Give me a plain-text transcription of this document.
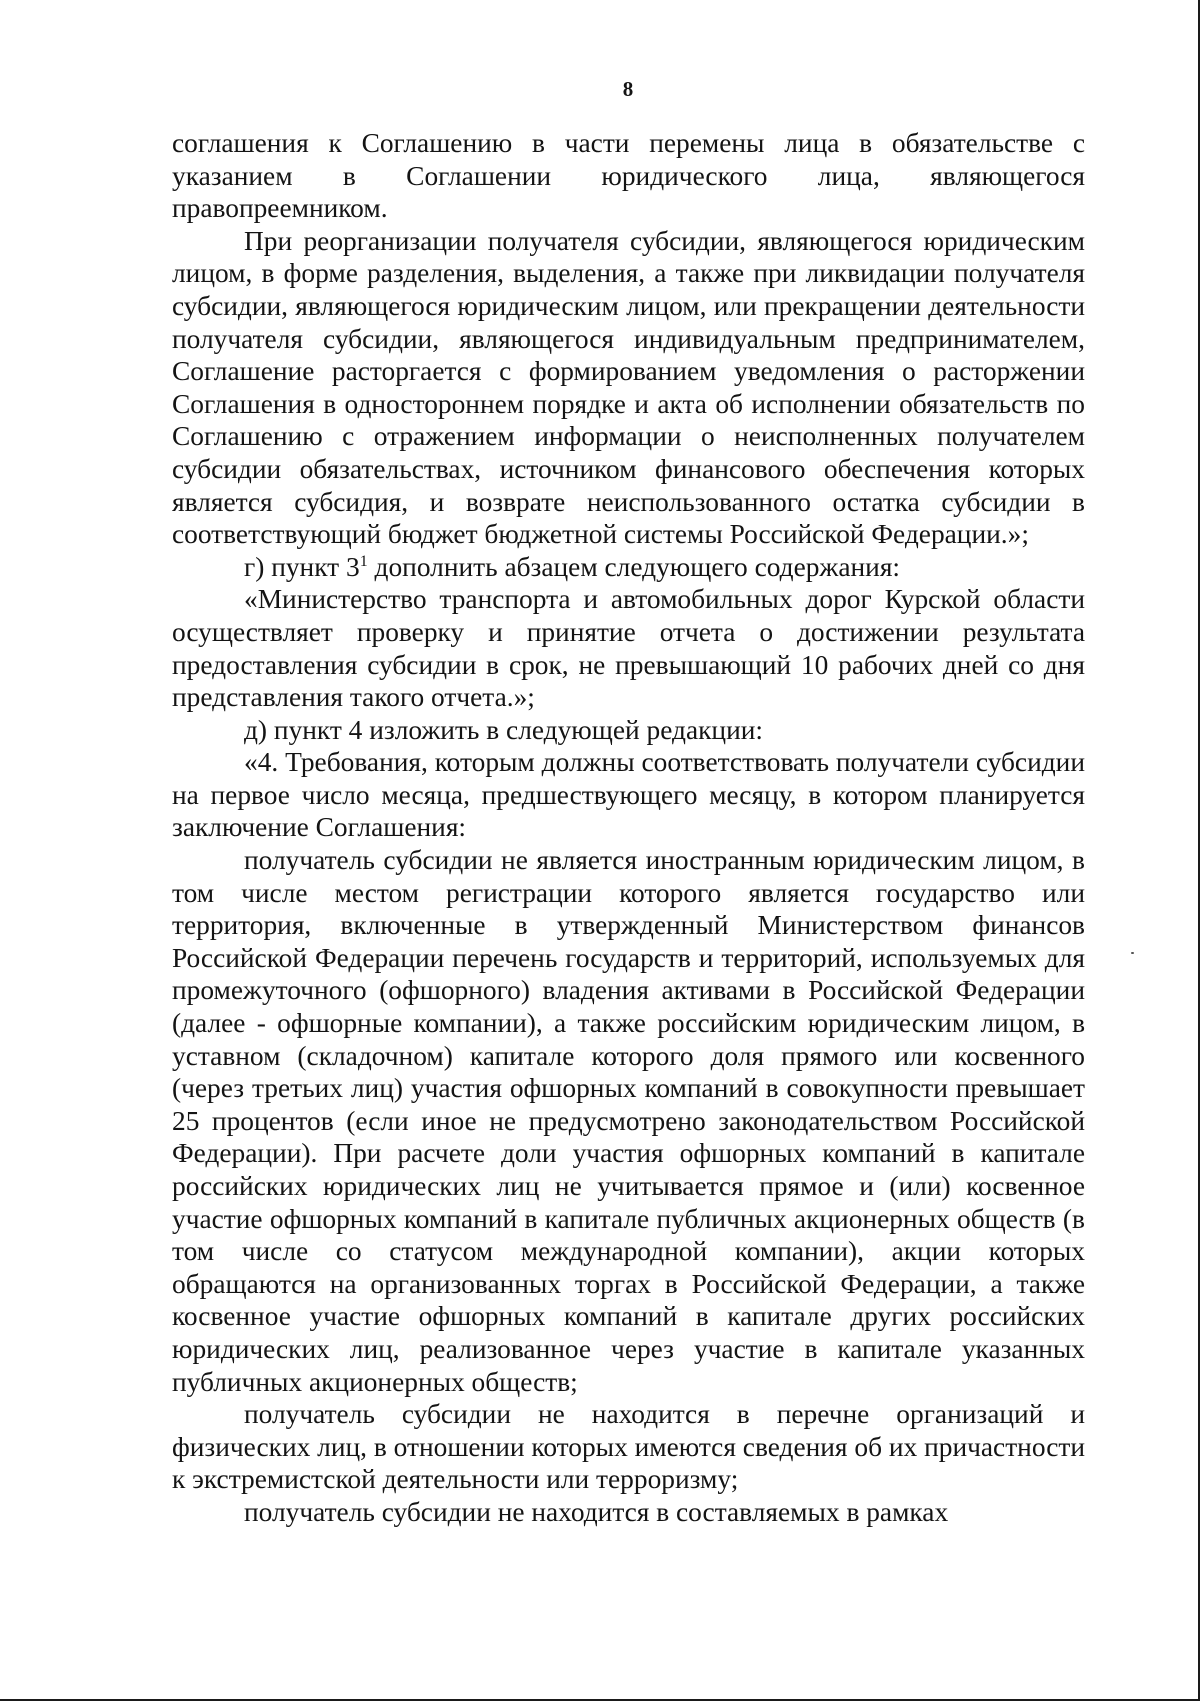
8

соглашения к Соглашению в части перемены лица в обязательстве с указанием в Соглашении юридического лица, являющегося правопреемником.

При реорганизации получателя субсидии, являющегося юридическим лицом, в форме разделения, выделения, а также при ликвидации получателя субсидии, являющегося юридическим лицом, или прекращении деятельности получателя субсидии, являющегося индивидуальным предпринимателем, Соглашение расторгается с формированием уведомления о расторжении Соглашения в одностороннем порядке и акта об исполнении обязательств по Соглашению с отражением информации о неисполненных получателем субсидии обязательствах, источником финансового обеспечения которых является субсидия, и возврате неиспользованного остатка субсидии в соответствующий бюджет бюджетной системы Российской Федерации.»;

г) пункт $3^1$ дополнить абзацем следующего содержания:

«Министерство транспорта и автомобильных дорог Курской области осуществляет проверку и принятие отчета о достижении результата предоставления субсидии в срок, не превышающий 10 рабочих дней со дня представления такого отчета.»;

д) пункт 4 изложить в следующей редакции:

«4. Требования, которым должны соответствовать получатели субсидии на первое число месяца, предшествующего месяцу, в котором планируется заключение Соглашения:

получатель субсидии не является иностранным юридическим лицом, в том числе местом регистрации которого является государство или территория, включенные в утвержденный Министерством финансов Российской Федерации перечень государств и территорий, используемых для промежуточного (офшорного) владения активами в Российской Федерации (далее - офшорные компании), а также российским юридическим лицом, в уставном (складочном) капитале которого доля прямого или косвенного (через третьих лиц) участия офшорных компаний в совокупности превышает 25 процентов (если иное не предусмотрено законодательством Российской Федерации). При расчете доли участия офшорных компаний в капитале российских юридических лиц не учитывается прямое и (или) косвенное участие офшорных компаний в капитале публичных акционерных обществ (в том числе со статусом международной компании), акции которых обращаются на организованных торгах в Российской Федерации, а также косвенное участие офшорных компаний в капитале других российских юридических лиц, реализованное через участие в капитале указанных публичных акционерных обществ;

получатель субсидии не находится в перечне организаций и физических лиц, в отношении которых имеются сведения об их причастности к экстремистской деятельности или терроризму;

получатель субсидии не находится в составляемых в рамках
